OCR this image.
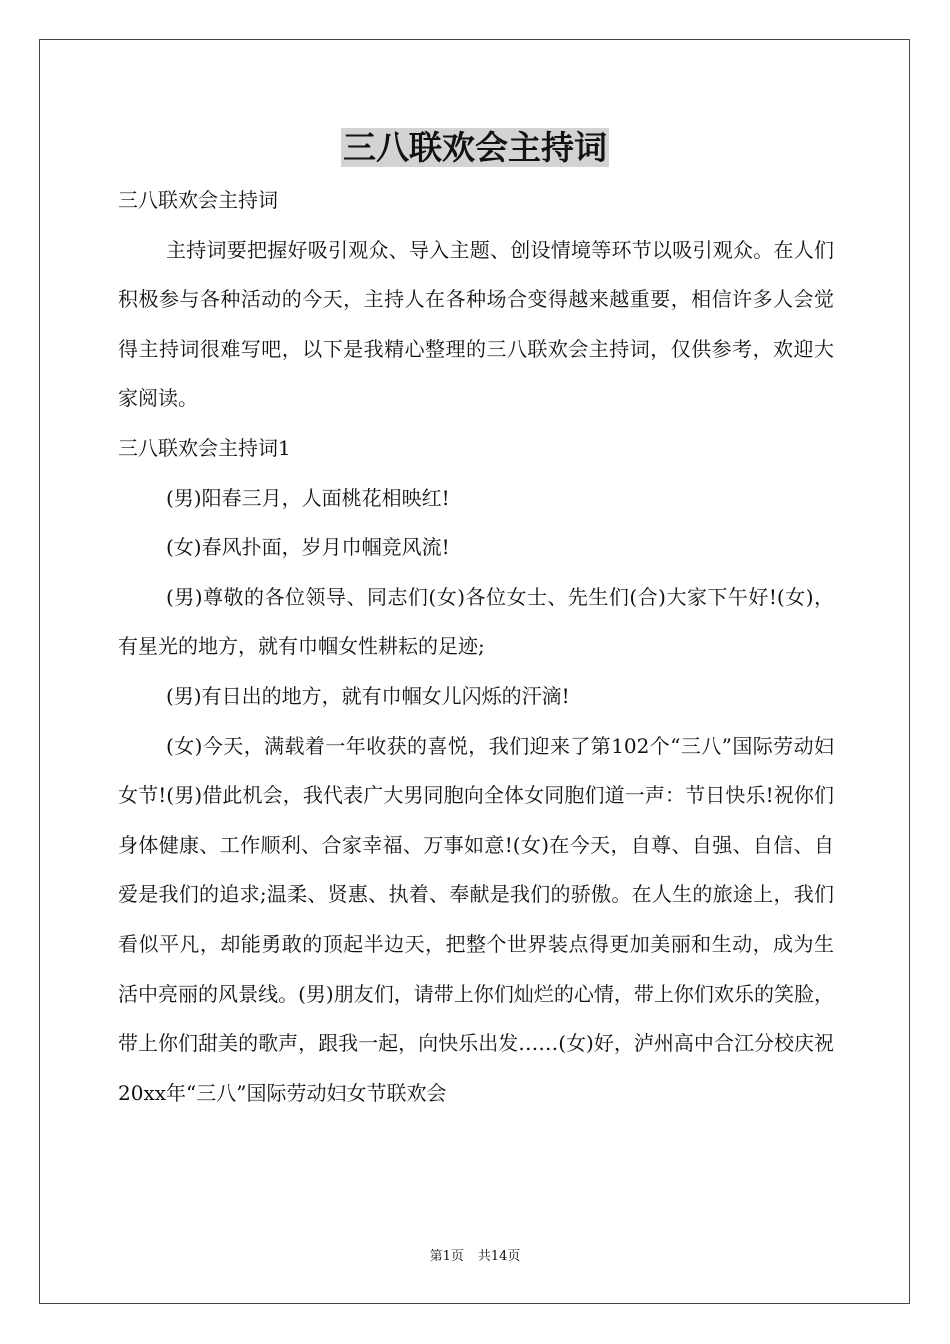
三八联欢会主持词

三八联欢会主持词

主持词要把握好吸引观众、导入主题、创设情境等环节以吸引观众。在人们积极参与各种活动的今天，主持人在各种场合变得越来越重要，相信许多人会觉得主持词很难写吧，以下是我精心整理的三八联欢会主持词，仅供参考，欢迎大家阅读。

三八联欢会主持词1

(男)阳春三月，人面桃花相映红!

(女)春风扑面，岁月巾帼竞风流!

(男)尊敬的各位领导、同志们(女)各位女士、先生们(合)大家下午好!(女)，有星光的地方，就有巾帼女性耕耘的足迹;

(男)有日出的地方，就有巾帼女儿闪烁的汗滴!

(女)今天，满载着一年收获的喜悦，我们迎来了第102个“三八”国际劳动妇女节!(男)借此机会，我代表广大男同胞向全体女同胞们道一声：节日快乐!祝你们身体健康、工作顺利、合家幸福、万事如意!(女)在今天，自尊、自强、自信、自爱是我们的追求;温柔、贤惠、执着、奉献是我们的骄傲。在人生的旅途上，我们看似平凡，却能勇敢的顶起半边天，把整个世界装点得更加美丽和生动，成为生活中亮丽的风景线。(男)朋友们，请带上你们灿烂的心情，带上你们欢乐的笑脸，带上你们甜美的歌声，跟我一起，向快乐出发……(女)好，泸州高中合江分校庆祝20xx年“三八”国际劳动妇女节联欢会

第1页 共14页
